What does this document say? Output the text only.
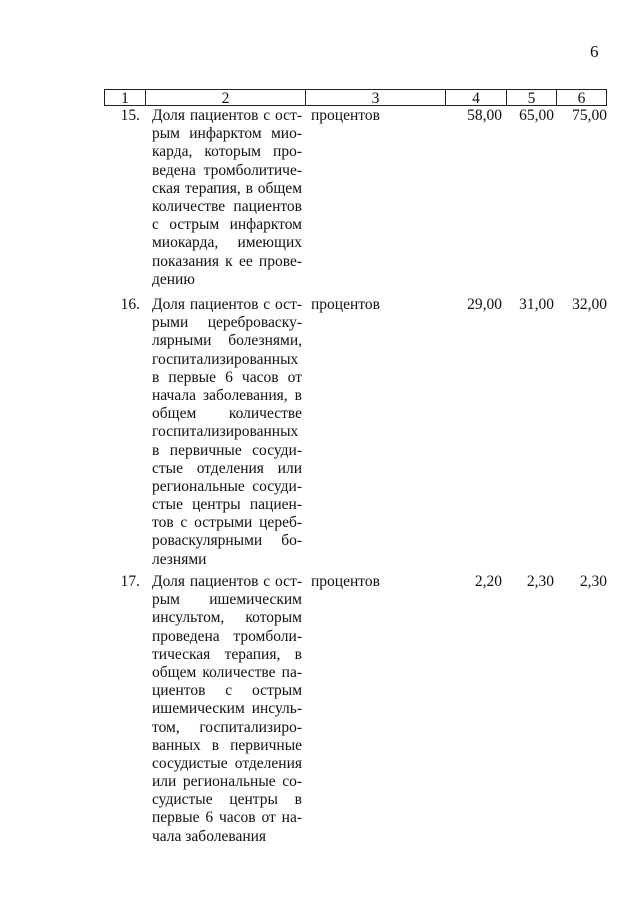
6
1	2	3	4	5	6
15. Доля пациентов с ост-
рым инфарктом мио-
карда, которым про-
ведена тромболитиче-
ская терапия, в общем
количестве пациентов
с острым инфарктом
миокарда, имеющих
показания к ее прове-
дению
процентов	58,00	65,00	75,00
16. Доля пациентов с ост-
рыми цереброваску-
лярными болезнями,
госпитализированных
в первые 6 часов от
начала заболевания, в
общем количестве
госпитализированных
в первичные сосуди-
стые отделения или
региональные сосуди-
стые центры пациен-
тов с острыми цереб-
роваскулярными бо-
лезнями
процентов	29,00	31,00	32,00
17. Доля пациентов с ост-
рым ишемическим
инсультом, которым
проведена тромболи-
тическая терапия, в
общем количестве па-
циентов с острым
ишемическим инсуль-
том, госпитализиро-
ванных в первичные
сосудистые отделения
или региональные со-
судистые центры в
первые 6 часов от на-
чала заболевания
процентов	2,20	2,30	2,30
